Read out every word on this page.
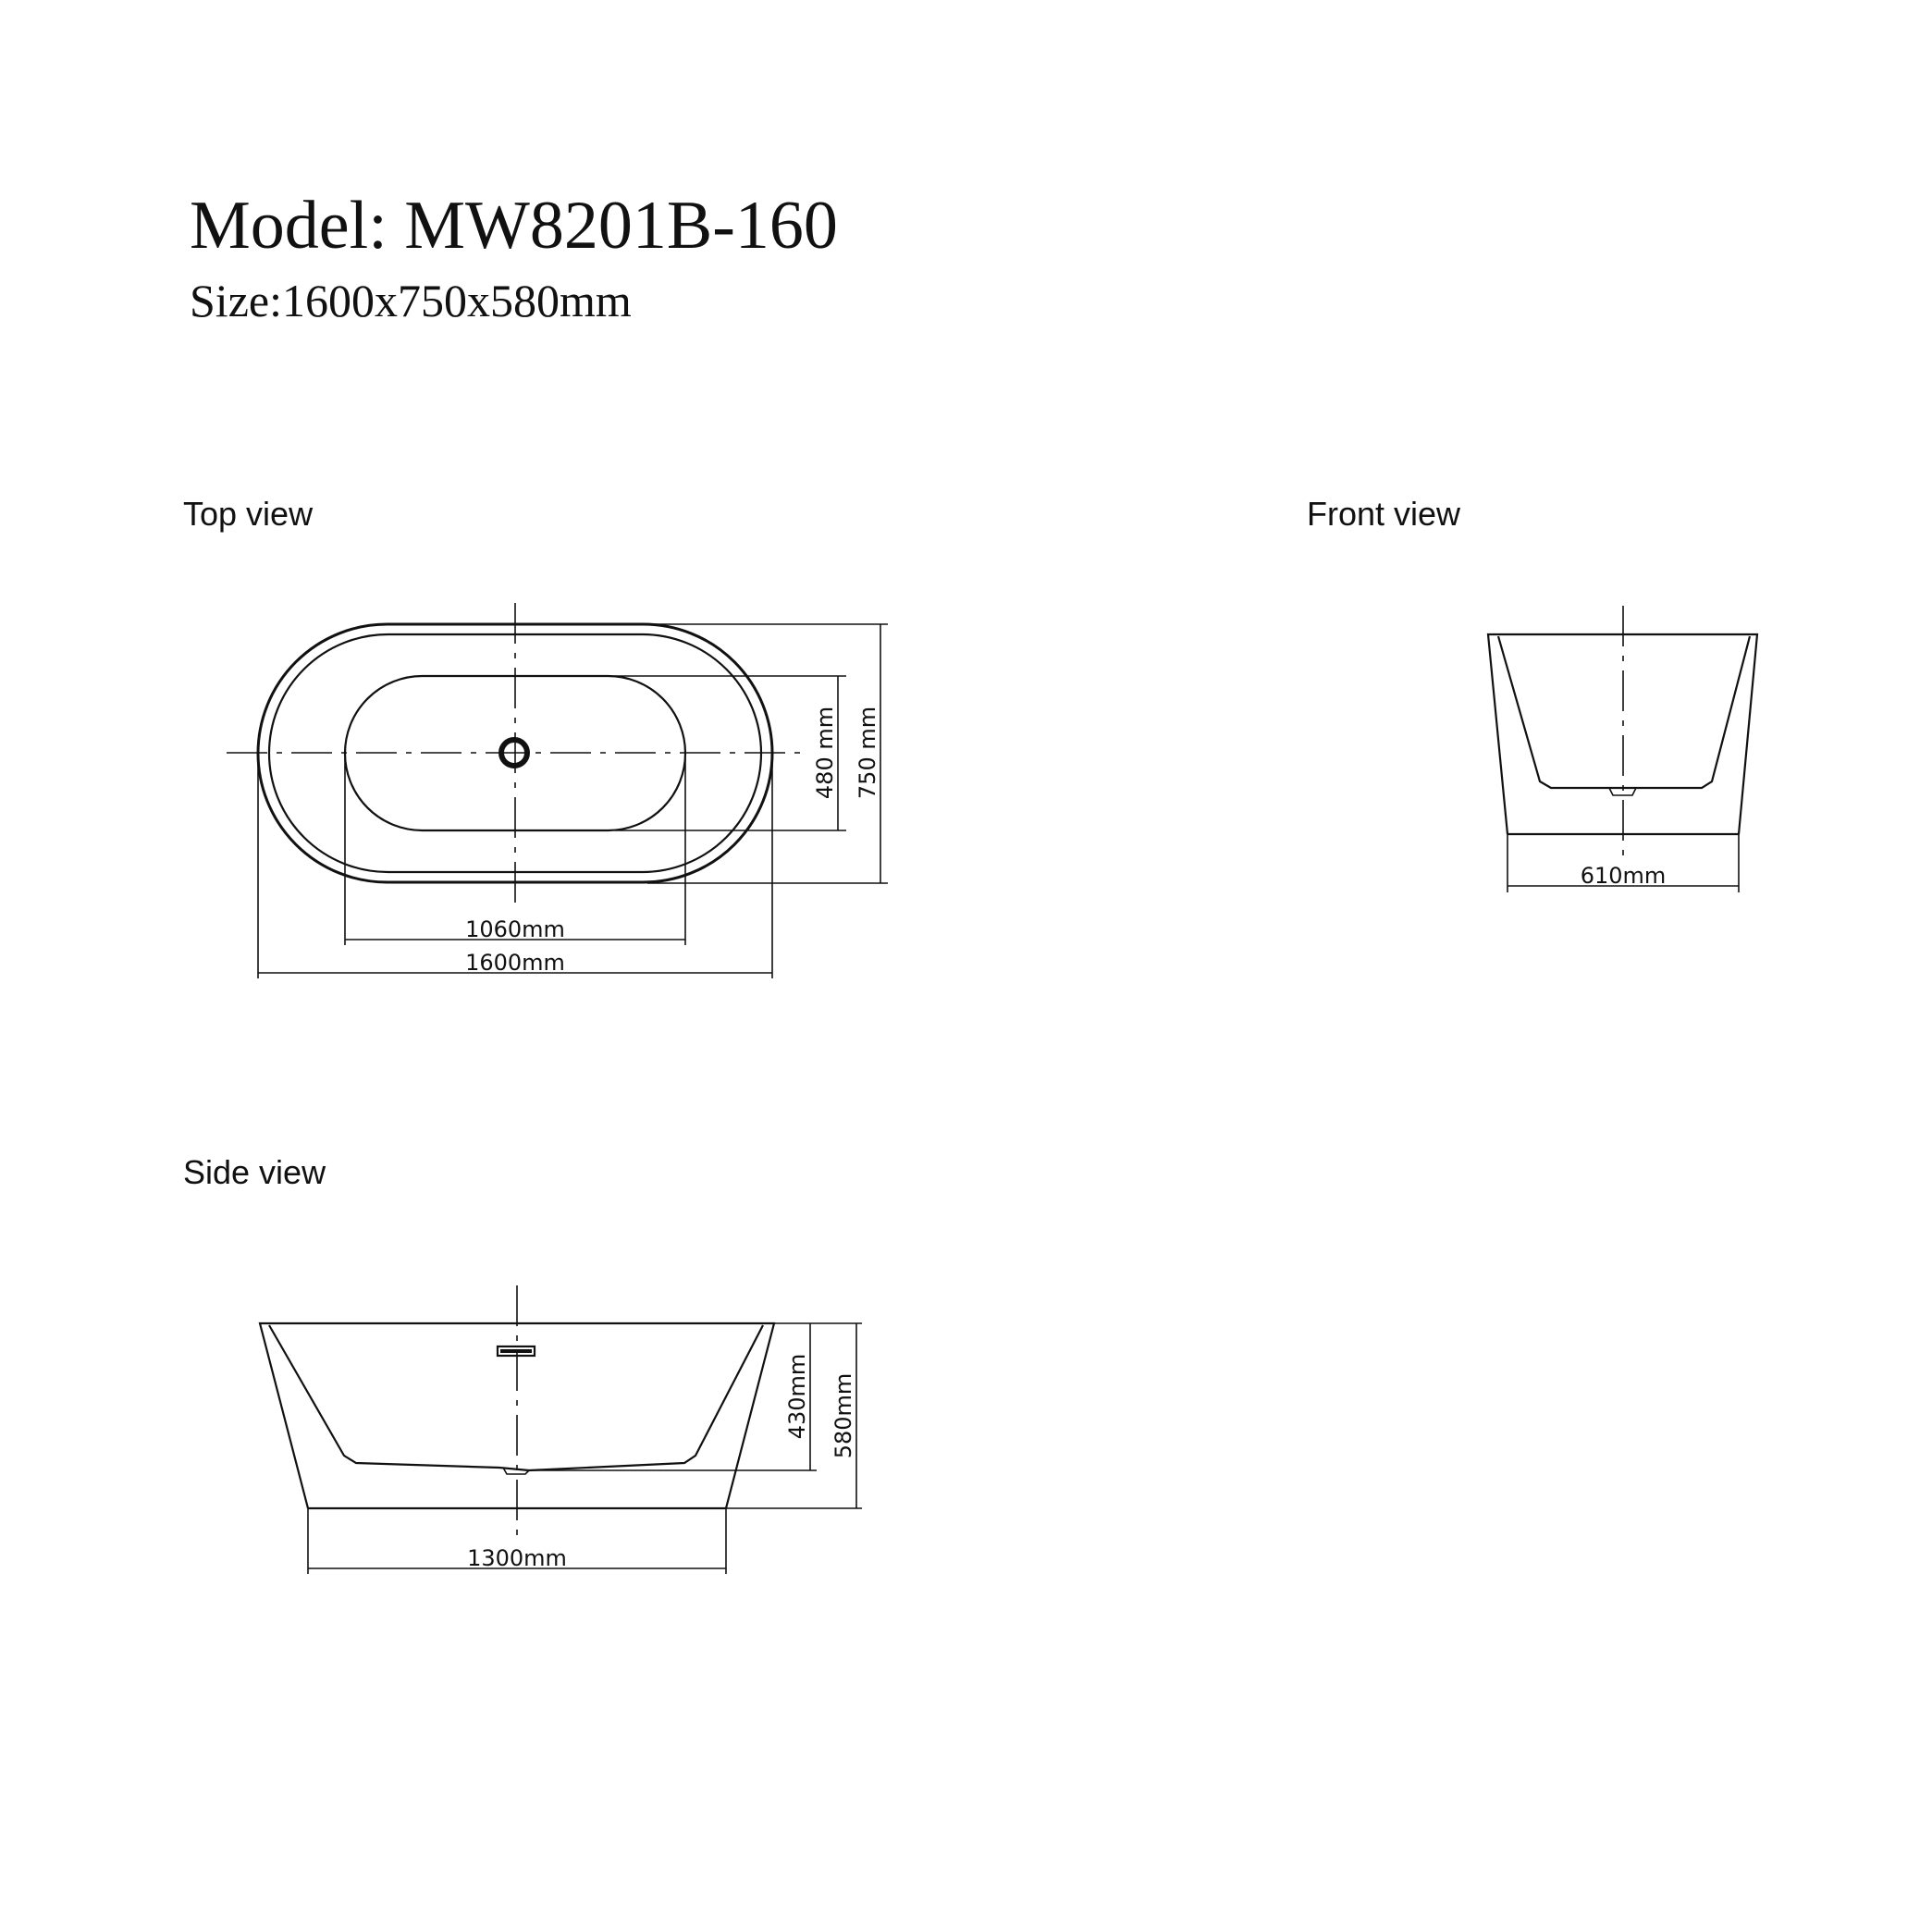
Model: MW8201B-160
Size:1600x750x580mm
Top view	Front view
Side view
1060mm
1600mm
480 mm 750 mm
610mm
430mm 580mm
1300mm
